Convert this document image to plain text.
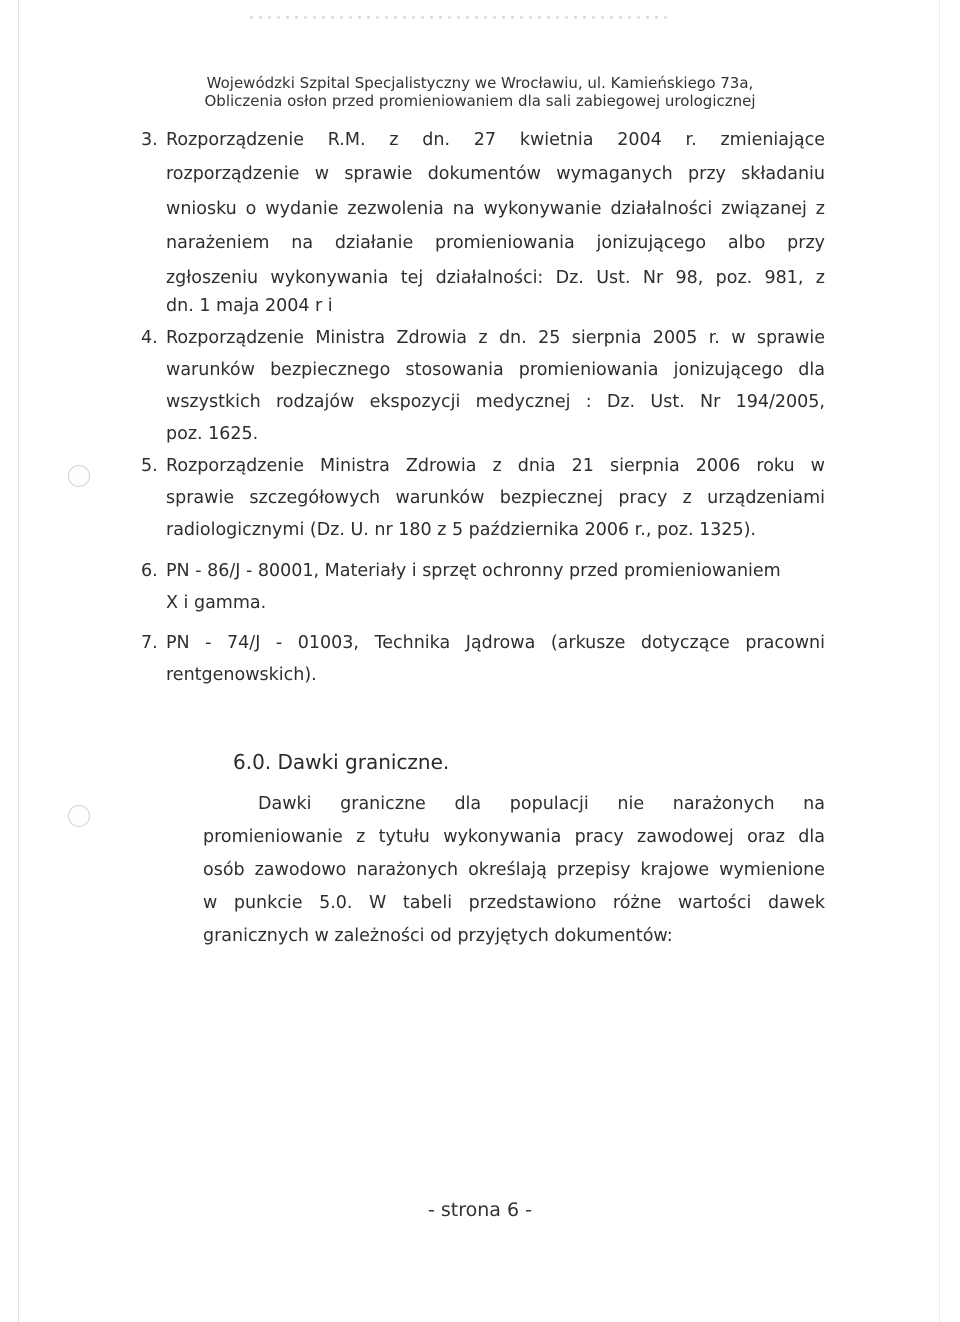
Wojewódzki Szpital Specjalistyczny we Wrocławiu, ul. Kamieńskiego 73a,
Obliczenia osłon przed promieniowaniem dla sali zabiegowej urologicznej
3. Rozporządzenie R.M. z dn. 27 kwietnia 2004 r. zmieniające
rozporządzenie w sprawie dokumentów wymaganych przy składaniu
wniosku o wydanie zezwolenia na wykonywanie działalności związanej z
narażeniem na działanie promieniowania jonizującego albo przy
zgłoszeniu wykonywania tej działalności: Dz. Ust. Nr 98, poz. 981, z
dn. 1 maja 2004 r i
4. Rozporządzenie Ministra Zdrowia z dn. 25 sierpnia 2005 r. w sprawie
warunków bezpiecznego stosowania promieniowania jonizującego dla
wszystkich rodzajów ekspozycji medycznej : Dz. Ust. Nr 194/2005,
poz. 1625.
5. Rozporządzenie Ministra Zdrowia z dnia 21 sierpnia 2006 roku w
sprawie szczegółowych warunków bezpiecznej pracy z urządzeniami
radiologicznymi (Dz. U. nr 180 z 5 października 2006 r., poz. 1325).
6. PN - 86/J - 80001, Materiały i sprzęt ochronny przed promieniowaniem
X i gamma.
7. PN - 74/J - 01003, Technika Jądrowa (arkusze dotyczące pracowni
rentgenowskich).
6.0. Dawki graniczne.
Dawki graniczne dla populacji nie narażonych na
promieniowanie z tytułu wykonywania pracy zawodowej oraz dla
osób zawodowo narażonych określają przepisy krajowe wymienione
w punkcie 5.0. W tabeli przedstawiono różne wartości dawek
granicznych w zależności od przyjętych dokumentów:
- strona 6 -
